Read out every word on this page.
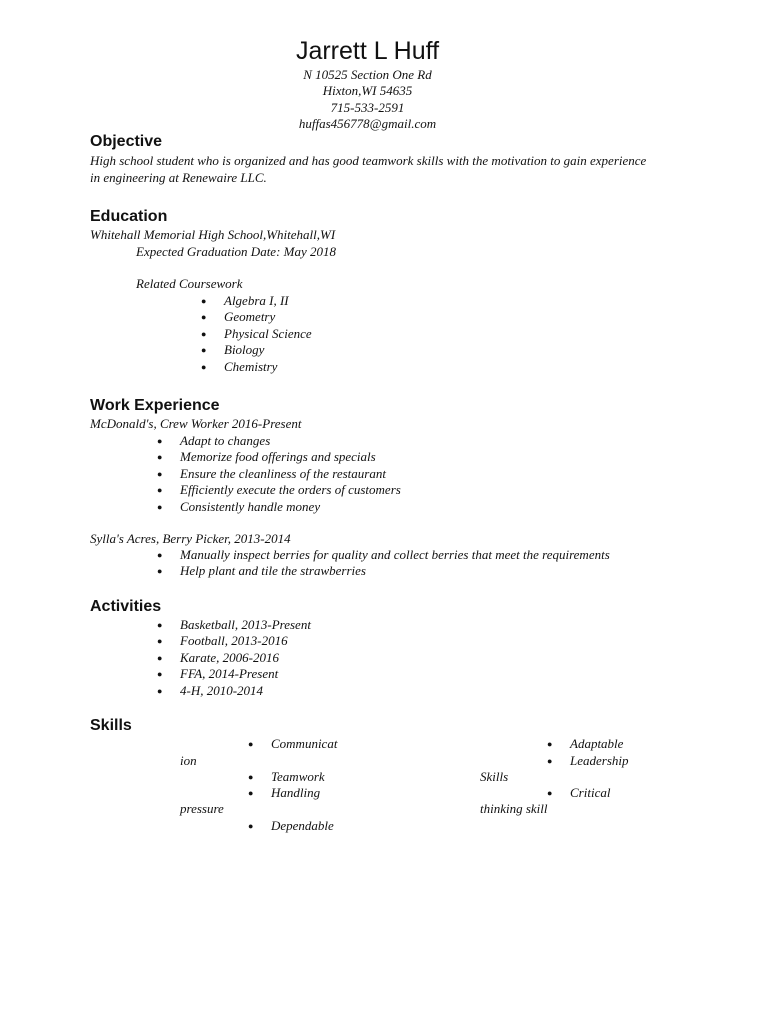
Jarrett L Huff
N 10525 Section One Rd
Hixton,WI 54635
715-533-2591
huffas456778@gmail.com
Objective
High school student who is organized and has good teamwork skills with the motivation to gain experience in engineering at Renewaire LLC.
Education
Whitehall Memorial High School,Whitehall,WI
Expected Graduation Date: May 2018
Related Coursework
● Algebra I, II
● Geometry
● Physical Science
● Biology
● Chemistry
Work Experience
McDonald's, Crew Worker 2016-Present
● Adapt to changes
● Memorize food offerings and specials
● Ensure the cleanliness of the restaurant
● Efficiently execute the orders of customers
● Consistently handle money
Sylla's Acres, Berry Picker, 2013-2014
● Manually inspect berries for quality and collect berries that meet the requirements
● Help plant and tile the strawberries
Activities
● Basketball, 2013-Present
● Football, 2013-2016
● Karate, 2006-2016
● FFA, 2014-Present
● 4-H, 2010-2014
Skills
● Communicat
ion
● Teamwork
● Handling
pressure
● Dependable
● Adaptable
● Leadership
Skills
● Critical
thinking skill
